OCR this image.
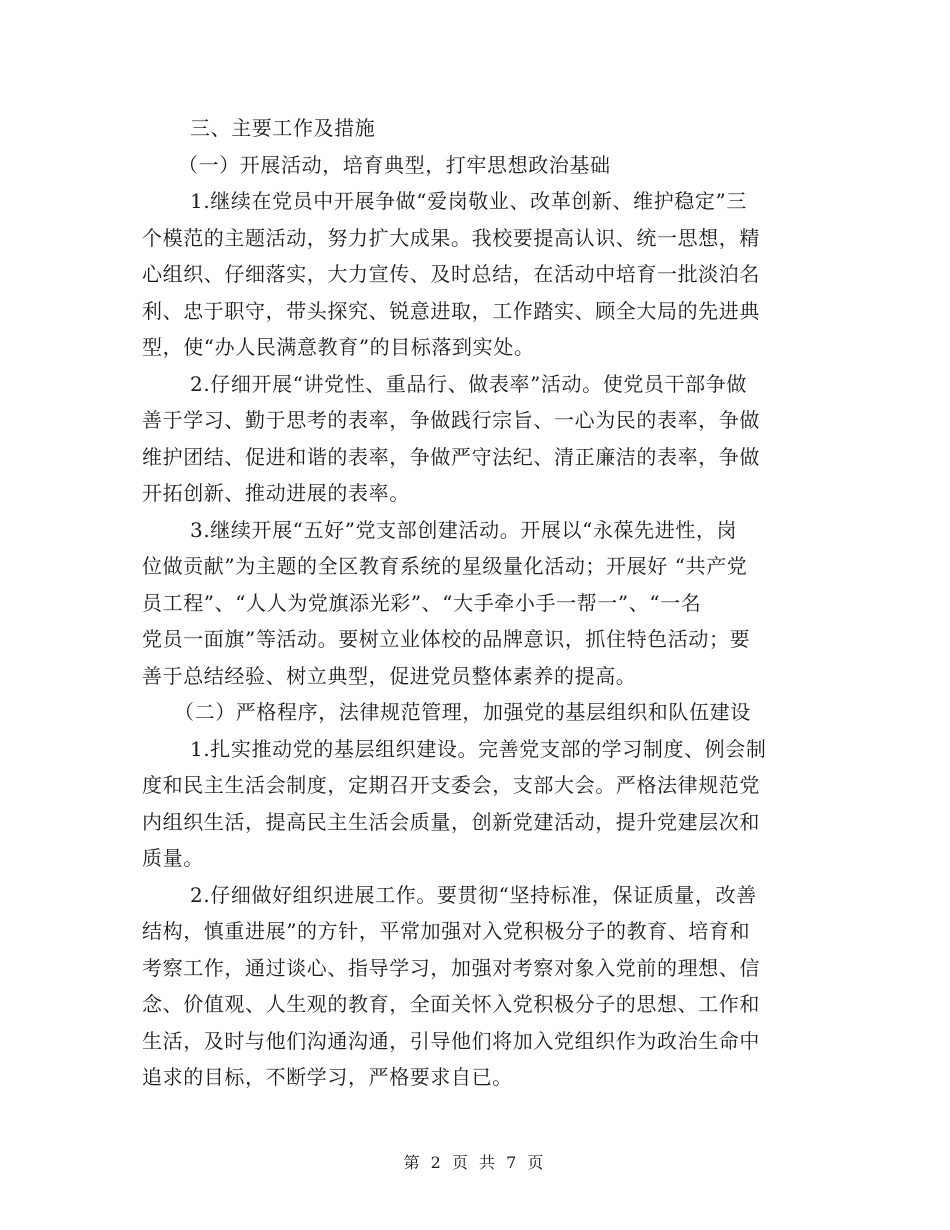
三、主要工作及措施
（一）开展活动，培育典型，打牢思想政治基础
1.继续在党员中开展争做“爱岗敬业、改革创新、维护稳定”三
个模范的主题活动，努力扩大成果。我校要提高认识、统一思想，精
心组织、仔细落实，大力宣传、及时总结，在活动中培育一批淡泊名
利、忠于职守，带头探究、锐意进取，工作踏实、顾全大局的先进典
型，使“办人民满意教育”的目标落到实处。
2.仔细开展“讲党性、重品行、做表率”活动。使党员干部争做
善于学习、勤于思考的表率，争做践行宗旨、一心为民的表率，争做
维护团结、促进和谐的表率，争做严守法纪、清正廉洁的表率，争做
开拓创新、推动进展的表率。
3.继续开展“五好”党支部创建活动。开展以“永葆先进性，岗
位做贡献”为主题的全区教育系统的星级量化活动；开展好 “共产党
员工程”、“人人为党旗添光彩”、“大手牵小手一帮一”、“一名
党员一面旗”等活动。要树立业体校的品牌意识，抓住特色活动；要
善于总结经验、树立典型，促进党员整体素养的提高。
（二）严格程序，法律规范管理，加强党的基层组织和队伍建设
1.扎实推动党的基层组织建设。完善党支部的学习制度、例会制
度和民主生活会制度，定期召开支委会，支部大会。严格法律规范党
内组织生活，提高民主生活会质量，创新党建活动，提升党建层次和
质量。
2.仔细做好组织进展工作。要贯彻“坚持标准，保证质量，改善
结构，慎重进展”的方针，平常加强对入党积极分子的教育、培育和
考察工作，通过谈心、指导学习，加强对考察对象入党前的理想、信
念、价值观、人生观的教育，全面关怀入党积极分子的思想、工作和
生活，及时与他们沟通沟通，引导他们将加入党组织作为政治生命中
追求的目标，不断学习，严格要求自已。
第 2 页 共 7 页
